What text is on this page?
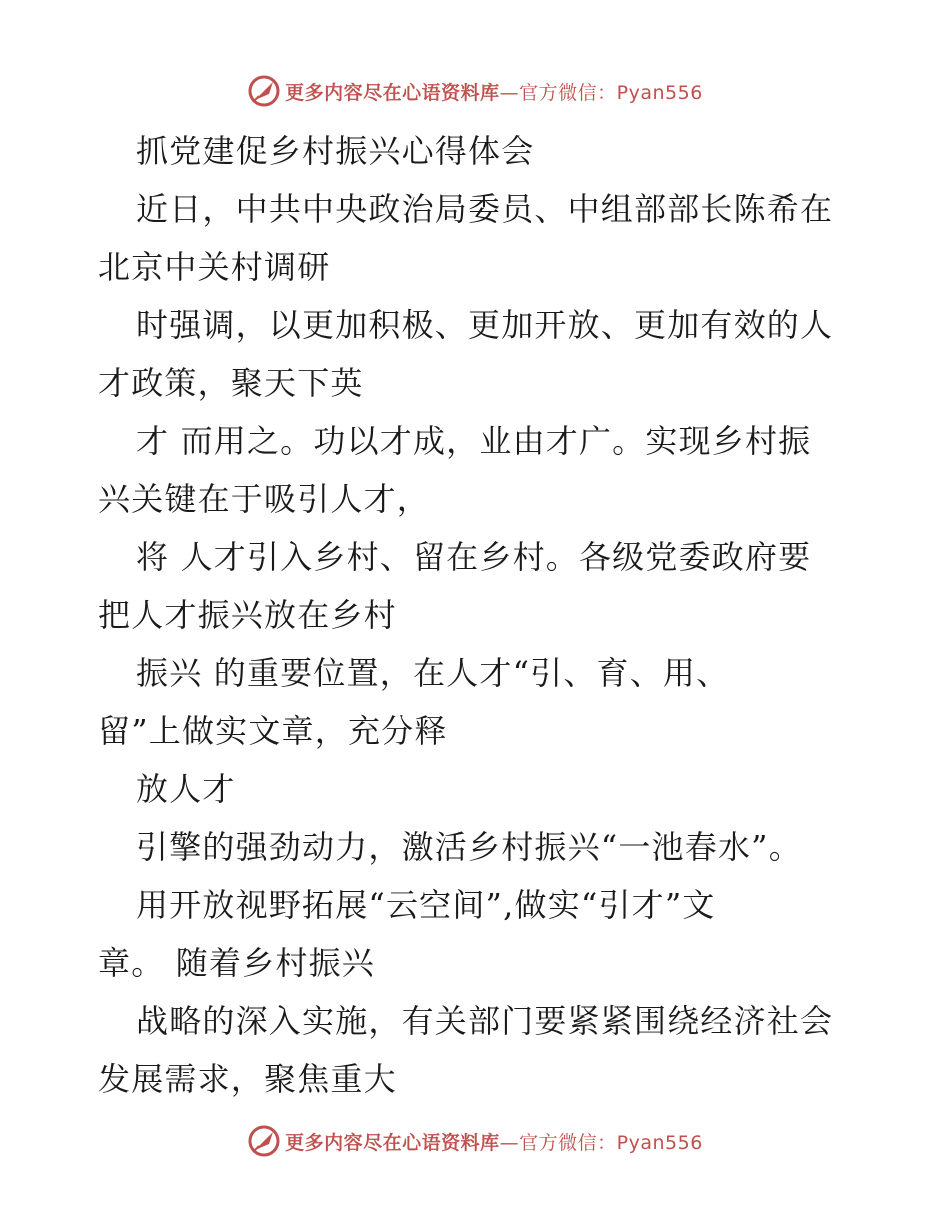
更多内容尽在心语资料库 —官方微信：Pyan556
抓党建促乡村振兴心得体会
近日，中共中央政治局委员、中组部部长陈希在
北京中关村调研
时强调，以更加积极、更加开放、更加有效的人
才政策，聚天下英
才 而用之。功以才成，业由才广。实现乡村振
兴关键在于吸引人才，
将 人才引入乡村、留在乡村。各级党委政府要
把人才振兴放在乡村
振兴 的重要位置，在人才“引、育、用、
留”上做实文章，充分释
放人才
引擎的强劲动力，激活乡村振兴“一池春水”。
用开放视野拓展“云空间”,做实“引才”文
章。 随着乡村振兴
战略的深入实施，有关部门要紧紧围绕经济社会
发展需求，聚焦重大
更多内容尽在心语资料库 —官方微信：Pyan556
